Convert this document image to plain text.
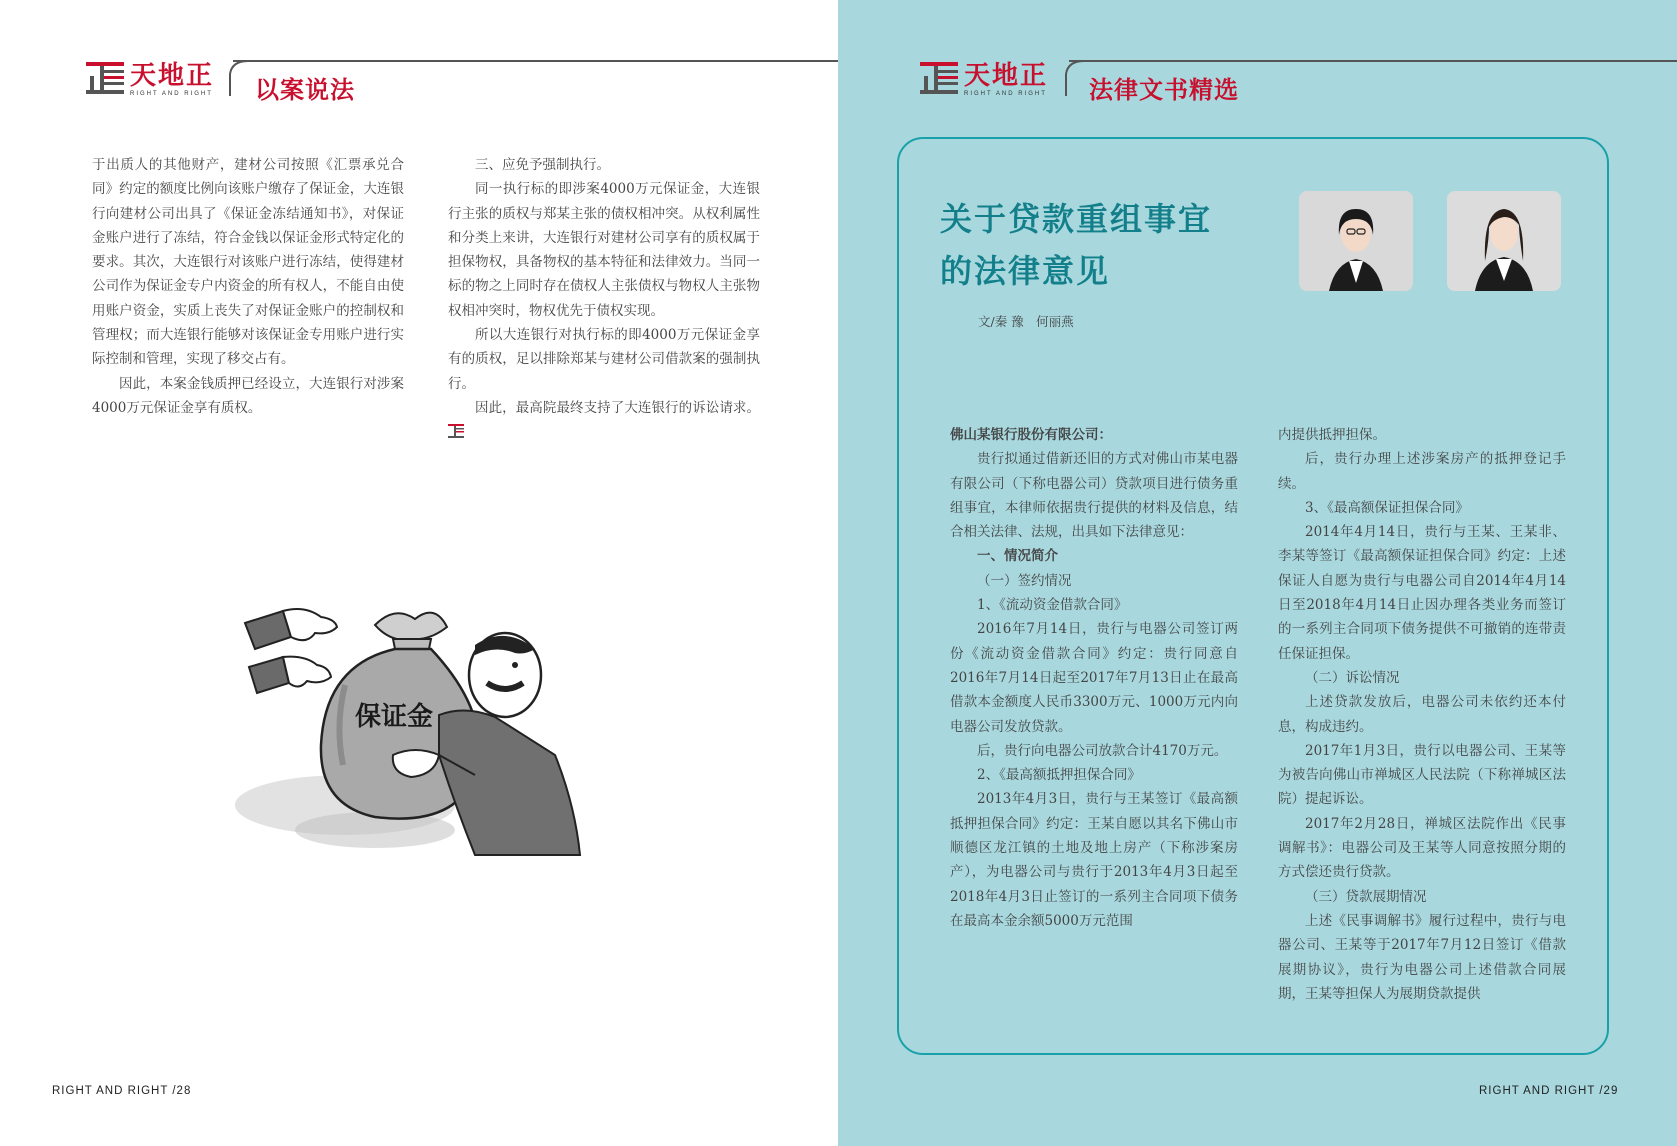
天地正
RIGHT AND RIGHT 以案说法

于出质人的其他财产，建材公司按照《汇票承兑合同》约定的额度比例向该账户缴存了保证金，大连银行向建材公司出具了《保证金冻结通知书》，对保证金账户进行了冻结，符合金钱以保证金形式特定化的要求。其次，大连银行对该账户进行冻结，使得建材公司作为保证金专户内资金的所有权人，不能自由使用账户资金，实质上丧失了对保证金账户的控制权和管理权；而大连银行能够对该保证金专用账户进行实际控制和管理，实现了移交占有。

因此，本案金钱质押已经设立，大连银行对涉案4000万元保证金享有质权。

三、应免予强制执行。

同一执行标的即涉案4000万元保证金，大连银行主张的质权与郑某主张的债权相冲突。从权利属性和分类上来讲，大连银行对建材公司享有的质权属于担保物权，具备物权的基本特征和法律效力。当同一标的物之上同时存在债权人主张债权与物权人主张物权相冲突时，物权优先于债权实现。

所以大连银行对执行标的即4000万元保证金享有的质权，足以排除郑某与建材公司借款案的强制执行。

因此，最高院最终支持了大连银行的诉讼请求。

保证金
RIGHT AND RIGHT /28
天地正
RIGHT AND RIGHT 法律文书精选
关于贷款重组事宜
的法律意见
文/秦 豫　何丽燕

佛山某银行股份有限公司：

贵行拟通过借新还旧的方式对佛山市某电器有限公司（下称电器公司）贷款项目进行债务重组事宜，本律师依据贵行提供的材料及信息，结合相关法律、法规，出具如下法律意见：

一、情况简介

（一）签约情况

1、《流动资金借款合同》

2016年7月14日，贵行与电器公司签订两份《流动资金借款合同》约定：贵行同意自2016年7月14日起至2017年7月13日止在最高借款本金额度人民币3300万元、1000万元内向电器公司发放贷款。

后，贵行向电器公司放款合计4170万元。

2、《最高额抵押担保合同》

2013年4月3日，贵行与王某签订《最高额抵押担保合同》约定：王某自愿以其名下佛山市顺德区龙江镇的土地及地上房产（下称涉案房产），为电器公司与贵行于2013年4月3日起至2018年4月3日止签订的一系列主合同项下债务在最高本金余额5000万元范围

内提供抵押担保。

后，贵行办理上述涉案房产的抵押登记手续。

3、《最高额保证担保合同》

2014年4月14日，贵行与王某、王某非、李某等签订《最高额保证担保合同》约定：上述保证人自愿为贵行与电器公司自2014年4月14日至2018年4月14日止因办理各类业务而签订的一系列主合同项下债务提供不可撤销的连带责任保证担保。

（二）诉讼情况

上述贷款发放后，电器公司未依约还本付息，构成违约。

2017年1月3日，贵行以电器公司、王某等为被告向佛山市禅城区人民法院（下称禅城区法院）提起诉讼。

2017年2月28日，禅城区法院作出《民事调解书》：电器公司及王某等人同意按照分期的方式偿还贵行贷款。

（三）贷款展期情况

上述《民事调解书》履行过程中，贵行与电器公司、王某等于2017年7月12日签订《借款展期协议》，贵行为电器公司上述借款合同展期，王某等担保人为展期贷款提供

RIGHT AND RIGHT /29
